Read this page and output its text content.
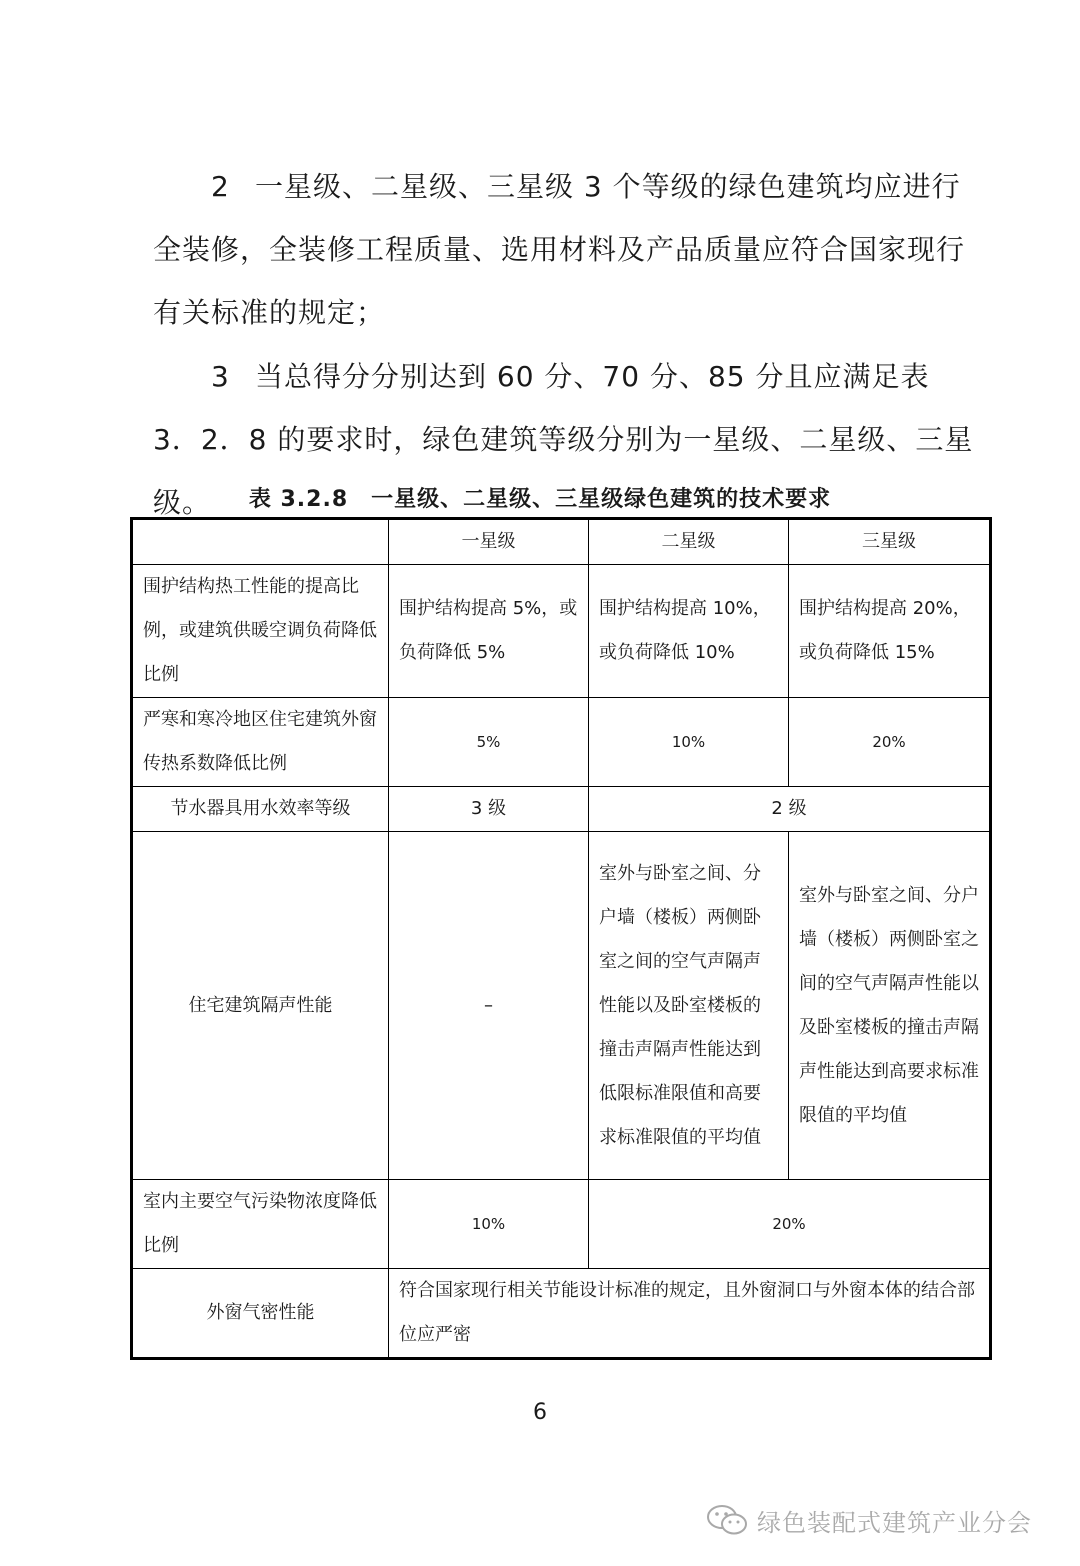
2 一星级、二星级、三星级 3 个等级的绿色建筑均应进行全装修，全装修工程质量、选用材料及产品质量应符合国家现行有关标准的规定；

3 当总得分分别达到 60 分、70 分、85 分且应满足表 3．2．8 的要求时，绿色建筑等级分别为一星级、二星级、三星级。	表 3.2.8　一星级、二星级、三星级绿色建筑的技术要求
	一星级	二星级	三星级
围护结构热工性能的提高比例，或建筑供暖空调负荷降低比例	围护结构提高 5%，或负荷降低 5%	围护结构提高 10%，或负荷降低 10%	围护结构提高 20%，或负荷降低 15%
严寒和寒冷地区住宅建筑外窗传热系数降低比例	5%	10%	20%
节水器具用水效率等级	3 级	2 级	
住宅建筑隔声性能	–	室外与卧室之间、分户墙（楼板）两侧卧室之间的空气声隔声性能以及卧室楼板的撞击声隔声性能达到低限标准限值和高要求标准限值的平均值	室外与卧室之间、分户墙（楼板）两侧卧室之间的空气声隔声性能以及卧室楼板的撞击声隔声性能达到高要求标准限值的平均值
室内主要空气污染物浓度降低比例	10%	20%	
外窗气密性能	符合国家现行相关节能设计标准的规定，且外窗洞口与外窗本体的结合部位应严密		
6
绿色装配式建筑产业分会
